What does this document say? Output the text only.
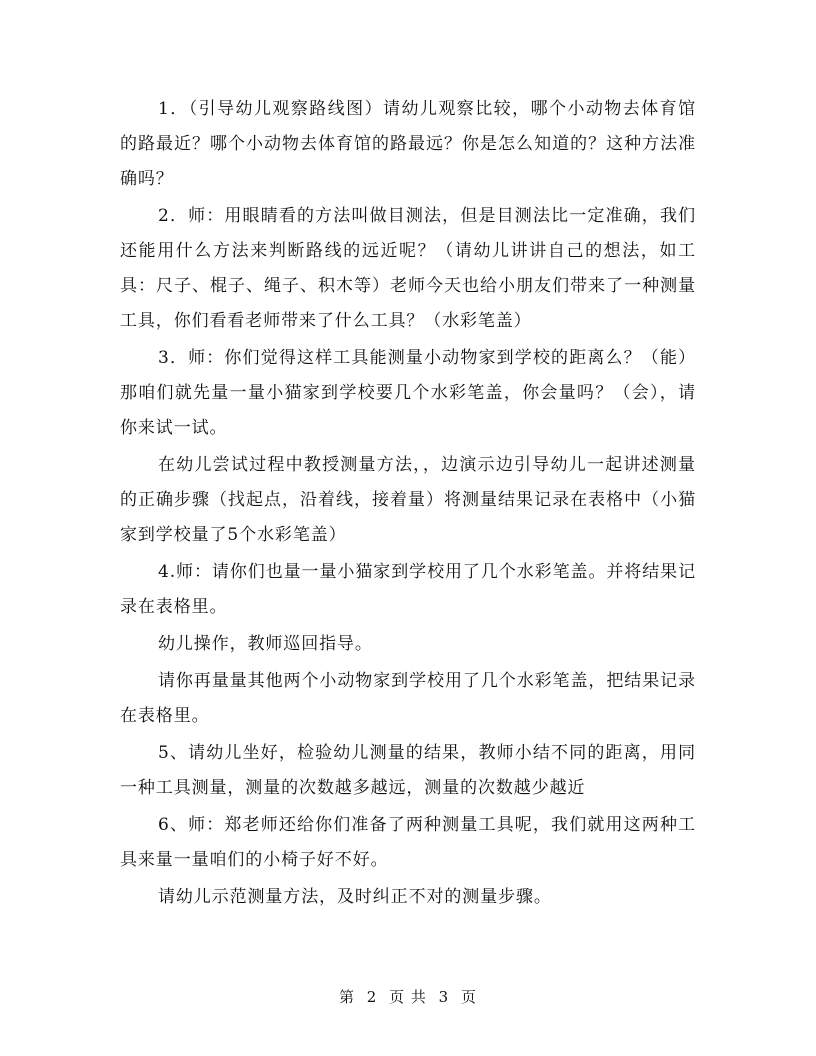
1．（引导幼儿观察路线图）请幼儿观察比较，哪个小动物去体育馆的路最近？哪个小动物去体育馆的路最远？你是怎么知道的？这种方法准确吗？

2．师：用眼睛看的方法叫做目测法，但是目测法比一定准确，我们还能用什么方法来判断路线的远近呢？（请幼儿讲讲自己的想法，如工具：尺子、棍子、绳子、积木等）老师今天也给小朋友们带来了一种测量工具，你们看看老师带来了什么工具？（水彩笔盖）

3．师：你们觉得这样工具能测量小动物家到学校的距离么？（能）那咱们就先量一量小猫家到学校要几个水彩笔盖，你会量吗？（会），请你来试一试。

在幼儿尝试过程中教授测量方法，，边演示边引导幼儿一起讲述测量的正确步骤（找起点，沿着线，接着量）将测量结果记录在表格中（小猫家到学校量了5个水彩笔盖）

4.师：请你们也量一量小猫家到学校用了几个水彩笔盖。并将结果记录在表格里。

幼儿操作，教师巡回指导。

请你再量量其他两个小动物家到学校用了几个水彩笔盖，把结果记录在表格里。

5、请幼儿坐好，检验幼儿测量的结果，教师小结不同的距离，用同一种工具测量，测量的次数越多越远，测量的次数越少越近

6、师：郑老师还给你们准备了两种测量工具呢，我们就用这两种工具来量一量咱们的小椅子好不好。

请幼儿示范测量方法，及时纠正不对的测量步骤。

第 2 页 共 3 页
